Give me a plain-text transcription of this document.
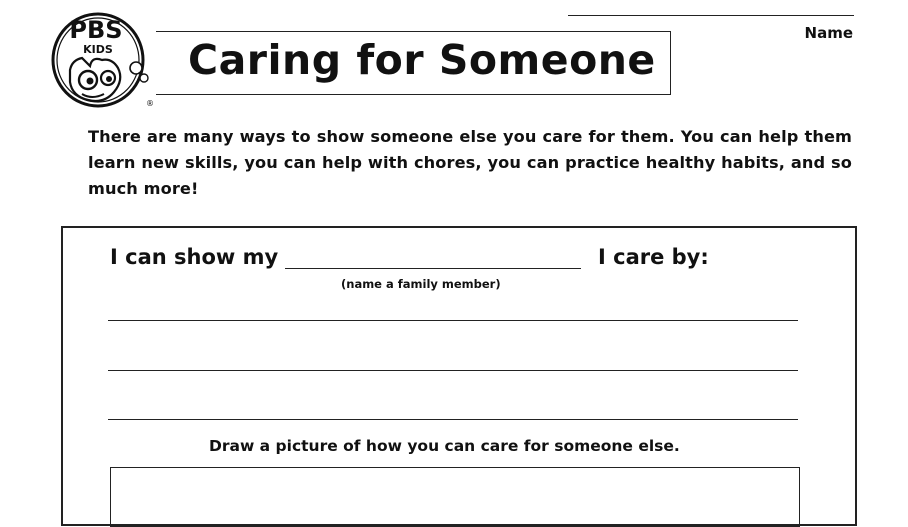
Name
PBS
KIDS
®
Caring for Someone

There are many ways to show someone else you care for them. You can help them learn new skills, you can help with chores, you can practice healthy habits, and so much more!

I can show my	I care by:
(name a family member)
Draw a picture of how you can care for someone else.
